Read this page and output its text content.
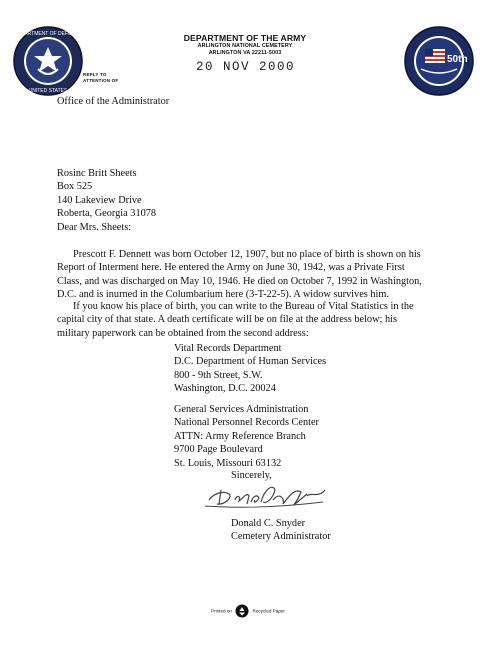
DEPARTMENT OF DEFENSE
UNITED STATES
50th
DEPARTMENT OF THE ARMY
ARLINGTON NATIONAL CEMETERY
ARLINGTON VA 22211-5003
20 NOV 2000
REPLY TO
ATTENTION OF
Office of the Administrator
Rosinc Britt Sheets
Box 525
140 Lakeview Drive
Roberta, Georgia 31078
Dear Mrs. Sheets:
Prescott F. Dennett was born October 12, 1907, but no place of birth is shown on his Report of Interment here. He entered the Army on June 30, 1942, was a Private First Class, and was discharged on May 10, 1946. He died on October 7, 1992 in Washington, D.C. and is inurned in the Columbarium here (3-T-22-5). A widow survives him.
If you know his place of birth, you can write to the Bureau of Vital Statistics in the capital city of that state. A death certificate will be on file at the address below; his military paperwork can be obtained from the second address:
Vital Records Department
D.C. Department of Human Services
800 - 9th Street, S.W.
Washington, D.C. 20024
General Services Administration
National Personnel Records Center
ATTN: Army Reference Branch
9700 Page Boulevard
St. Louis, Missouri 63132
Sincerely,
Donald C. Snyder
Cemetery Administrator
Printed on	Recycled Paper
